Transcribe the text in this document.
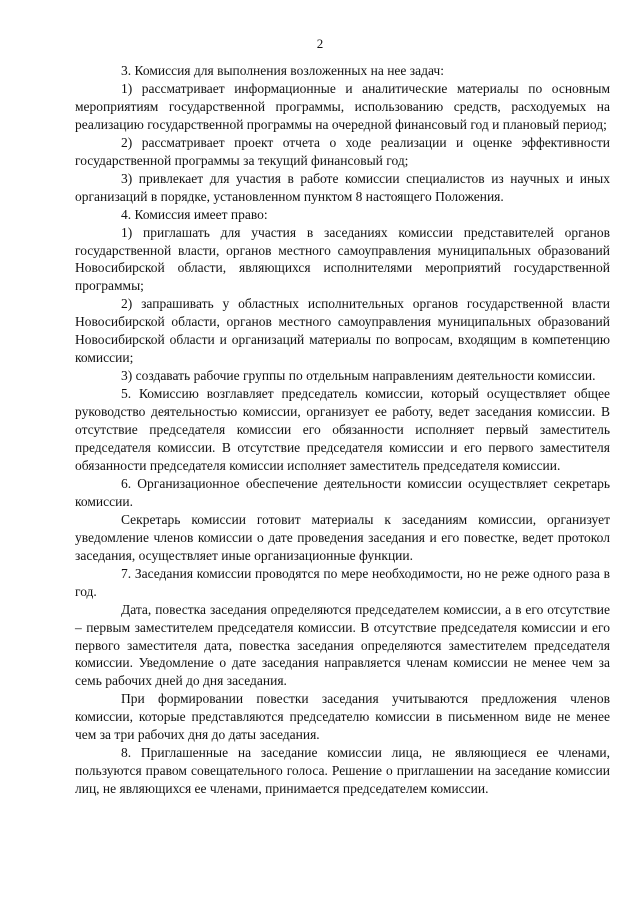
2

3. Комиссия для выполнения возложенных на нее задач:

1) рассматривает информационные и аналитические материалы по основным мероприятиям государственной программы, использованию средств, расходуемых на реализацию государственной программы на очередной финансовый год и плановый период;

2) рассматривает проект отчета о ходе реализации и оценке эффективности государственной программы за текущий финансовый год;

3) привлекает для участия в работе комиссии специалистов из научных и иных организаций в порядке, установленном пунктом 8 настоящего Положения.

4. Комиссия имеет право:

1) приглашать для участия в заседаниях комиссии представителей органов государственной власти, органов местного самоуправления муниципальных образований Новосибирской области, являющихся исполнителями мероприятий государственной программы;

2) запрашивать у областных исполнительных органов государственной власти Новосибирской области, органов местного самоуправления муниципальных образований Новосибирской области и организаций материалы по вопросам, входящим в компетенцию комиссии;

3) создавать рабочие группы по отдельным направлениям деятельности комиссии.

5. Комиссию возглавляет председатель комиссии, который осуществляет общее руководство деятельностью комиссии, организует ее работу, ведет заседания комиссии. В отсутствие председателя комиссии его обязанности исполняет первый заместитель председателя комиссии. В отсутствие председателя комиссии и его первого заместителя обязанности председателя комиссии исполняет заместитель председателя комиссии.

6. Организационное обеспечение деятельности комиссии осуществляет секретарь комиссии.

Секретарь комиссии готовит материалы к заседаниям комиссии, организует уведомление членов комиссии о дате проведения заседания и его повестке, ведет протокол заседания, осуществляет иные организационные функции.

7. Заседания комиссии проводятся по мере необходимости, но не реже одного раза в год.

Дата, повестка заседания определяются председателем комиссии, а в его отсутствие – первым заместителем председателя комиссии. В отсутствие председателя комиссии и его первого заместителя дата, повестка заседания определяются заместителем председателя комиссии. Уведомление о дате заседания направляется членам комиссии не менее чем за семь рабочих дней до дня заседания.

При формировании повестки заседания учитываются предложения членов комиссии, которые представляются председателю комиссии в письменном виде не менее чем за три рабочих дня до даты заседания.

8. Приглашенные на заседание комиссии лица, не являющиеся ее членами, пользуются правом совещательного голоса. Решение о приглашении на заседание комиссии лиц, не являющихся ее членами, принимается председателем комиссии.
